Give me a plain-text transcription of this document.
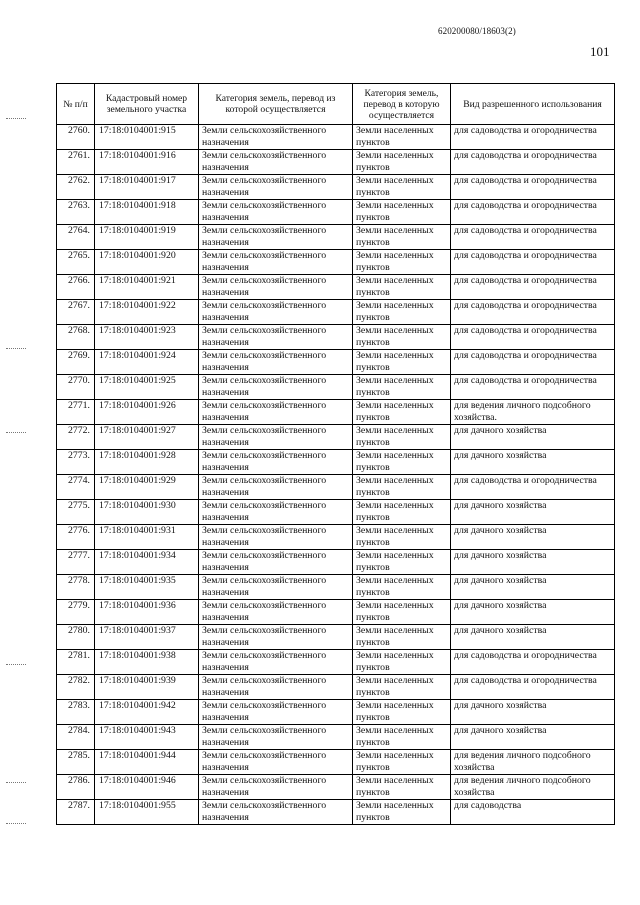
620200080/18603(2)
101
№ п/п	Кадастровый номер земельного участка	Категория земель, перевод из которой осуществляется	Категория земель, перевод в которую осуществляется	Вид разрешенного использования
2760.	17:18:0104001:915	Земли сельскохозяйственного назначения	Земли населенных пунктов	для садоводства и огородничества
2761.	17:18:0104001:916	Земли сельскохозяйственного назначения	Земли населенных пунктов	для садоводства и огородничества
2762.	17:18:0104001:917	Земли сельскохозяйственного назначения	Земли населенных пунктов	для садоводства и огородничества
2763.	17:18:0104001:918	Земли сельскохозяйственного назначения	Земли населенных пунктов	для садоводства и огородничества
2764.	17:18:0104001:919	Земли сельскохозяйственного назначения	Земли населенных пунктов	для садоводства и огородничества
2765.	17:18:0104001:920	Земли сельскохозяйственного назначения	Земли населенных пунктов	для садоводства и огородничества
2766.	17:18:0104001:921	Земли сельскохозяйственного назначения	Земли населенных пунктов	для садоводства и огородничества
2767.	17:18:0104001:922	Земли сельскохозяйственного назначения	Земли населенных пунктов	для садоводства и огородничества
2768.	17:18:0104001:923	Земли сельскохозяйственного назначения	Земли населенных пунктов	для садоводства и огородничества
2769.	17:18:0104001:924	Земли сельскохозяйственного назначения	Земли населенных пунктов	для садоводства и огородничества
2770.	17:18:0104001:925	Земли сельскохозяйственного назначения	Земли населенных пунктов	для садоводства и огородничества
2771.	17:18:0104001:926	Земли сельскохозяйственного назначения	Земли населенных пунктов	для ведения личного подсобного хозяйства.
2772.	17:18:0104001:927	Земли сельскохозяйственного назначения	Земли населенных пунктов	для дачного хозяйства
2773.	17:18:0104001:928	Земли сельскохозяйственного назначения	Земли населенных пунктов	для дачного хозяйства
2774.	17:18:0104001:929	Земли сельскохозяйственного назначения	Земли населенных пунктов	для садоводства и огородничества
2775.	17:18:0104001:930	Земли сельскохозяйственного назначения	Земли населенных пунктов	для дачного хозяйства
2776.	17:18:0104001:931	Земли сельскохозяйственного назначения	Земли населенных пунктов	для дачного хозяйства
2777.	17:18:0104001:934	Земли сельскохозяйственного назначения	Земли населенных пунктов	для дачного хозяйства
2778.	17:18:0104001:935	Земли сельскохозяйственного назначения	Земли населенных пунктов	для дачного хозяйства
2779.	17:18:0104001:936	Земли сельскохозяйственного назначения	Земли населенных пунктов	для дачного хозяйства
2780.	17:18:0104001:937	Земли сельскохозяйственного назначения	Земли населенных пунктов	для дачного хозяйства
2781.	17:18:0104001:938	Земли сельскохозяйственного назначения	Земли населенных пунктов	для садоводства и огородничества
2782.	17:18:0104001:939	Земли сельскохозяйственного назначения	Земли населенных пунктов	для садоводства и огородничества
2783.	17:18:0104001:942	Земли сельскохозяйственного назначения	Земли населенных пунктов	для дачного хозяйства
2784.	17:18:0104001:943	Земли сельскохозяйственного назначения	Земли населенных пунктов	для дачного хозяйства
2785.	17:18:0104001:944	Земли сельскохозяйственного назначения	Земли населенных пунктов	для ведения личного подсобного хозяйства
2786.	17:18:0104001:946	Земли сельскохозяйственного назначения	Земли населенных пунктов	для ведения личного подсобного хозяйства
2787.	17:18:0104001:955	Земли сельскохозяйственного назначения	Земли населенных пунктов	для садоводства
